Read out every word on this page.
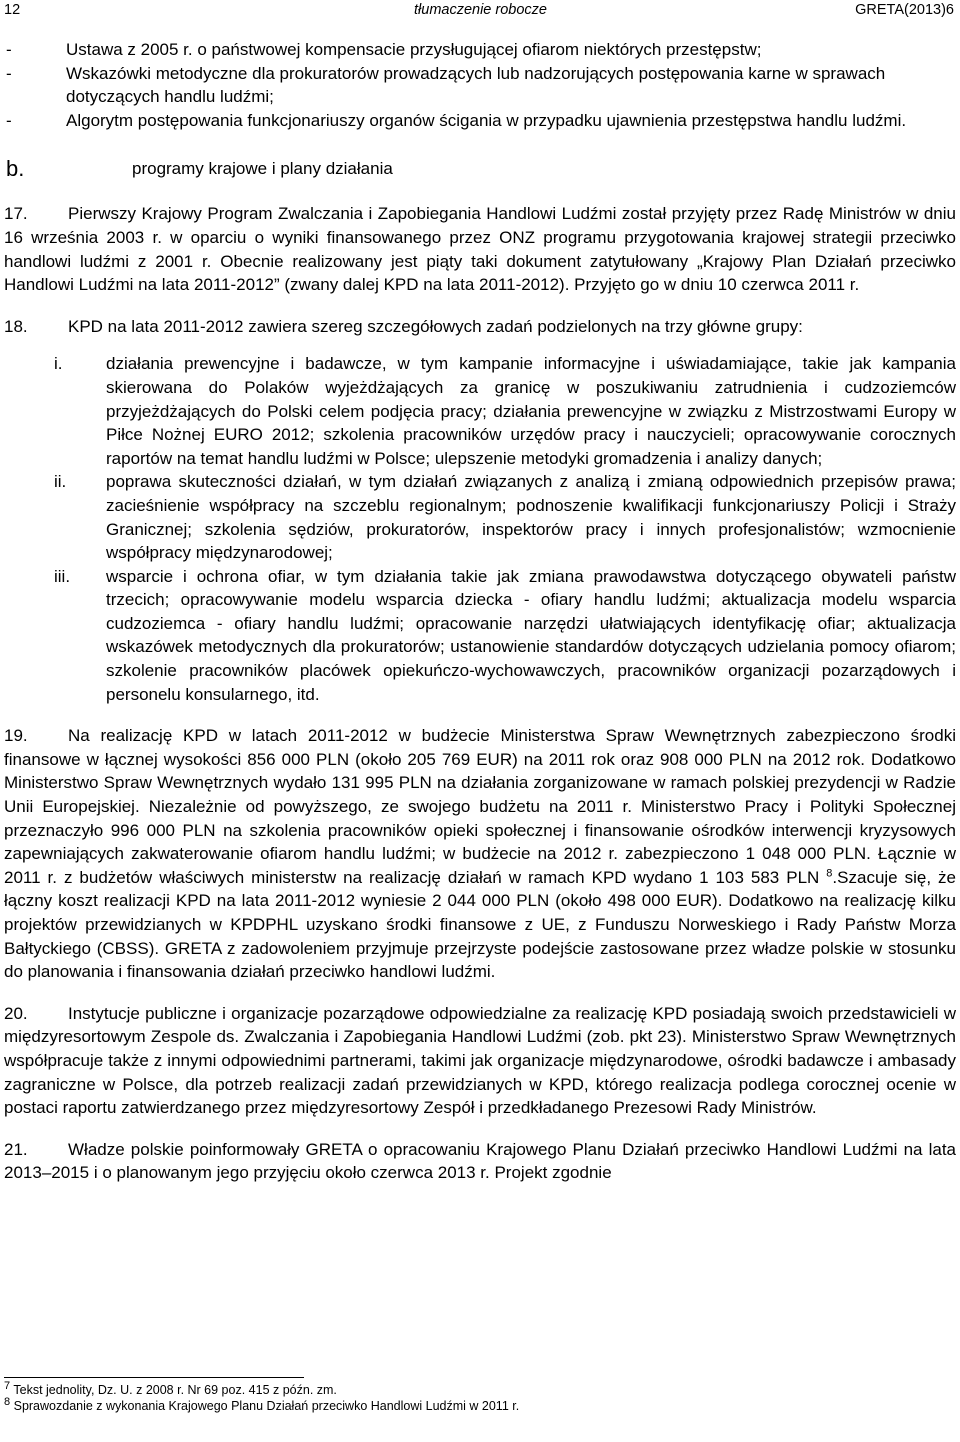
12	tłumaczenie robocze	GRETA(2013)6
-	Ustawa z 2005 r. o państwowej kompensacie przysługującej ofiarom niektórych przestępstw;
-	Wskazówki metodyczne dla prokuratorów prowadzących lub nadzorujących postępowania karne w sprawach dotyczących handlu ludźmi;
-	Algorytm postępowania funkcjonariuszy organów ścigania w przypadku ujawnienia przestępstwa handlu ludźmi.
b.	programy krajowe i plany działania

17. Pierwszy Krajowy Program Zwalczania i Zapobiegania Handlowi Ludźmi został przyjęty przez Radę Ministrów w dniu 16 września 2003 r. w oparciu o wyniki finansowanego przez ONZ programu przygotowania krajowej strategii przeciwko handlowi ludźmi z 2001 r. Obecnie realizowany jest piąty taki dokument zatytułowany „Krajowy Plan Działań przeciwko Handlowi Ludźmi na lata 2011-2012” (zwany dalej KPD na lata 2011-2012). Przyjęto go w dniu 10 czerwca 2011 r.

18. KPD na lata 2011-2012 zawiera szereg szczegółowych zadań podzielonych na trzy główne grupy:

i.	działania prewencyjne i badawcze, w tym kampanie informacyjne i uświadamiające, takie jak kampania skierowana do Polaków wyjeżdżających za granicę w poszukiwaniu zatrudnienia i cudzoziemców przyjeżdżających do Polski celem podjęcia pracy; działania prewencyjne w związku z Mistrzostwami Europy w Piłce Nożnej EURO 2012; szkolenia pracowników urzędów pracy i nauczycieli; opracowywanie corocznych raportów na temat handlu ludźmi w Polsce; ulepszenie metodyki gromadzenia i analizy danych;
ii.	poprawa skuteczności działań, w tym działań związanych z analizą i zmianą odpowiednich przepisów prawa; zacieśnienie współpracy na szczeblu regionalnym; podnoszenie kwalifikacji funkcjonariuszy Policji i Straży Granicznej; szkolenia sędziów, prokuratorów, inspektorów pracy i innych profesjonalistów; wzmocnienie współpracy międzynarodowej;
iii.	wsparcie i ochrona ofiar, w tym działania takie jak zmiana prawodawstwa dotyczącego obywateli państw trzecich; opracowywanie modelu wsparcia dziecka - ofiary handlu ludźmi; aktualizacja modelu wsparcia cudzoziemca - ofiary handlu ludźmi; opracowanie narzędzi ułatwiających identyfikację ofiar; aktualizacja wskazówek metodycznych dla prokuratorów; ustanowienie standardów dotyczących udzielania pomocy ofiarom; szkolenie pracowników placówek opiekuńczo-wychowawczych, pracowników organizacji pozarządowych i personelu konsularnego, itd.

19. Na realizację KPD w latach 2011-2012 w budżecie Ministerstwa Spraw Wewnętrznych zabezpieczono środki finansowe w łącznej wysokości 856 000 PLN (około 205 769 EUR) na 2011 rok oraz 908 000 PLN na 2012 rok. Dodatkowo Ministerstwo Spraw Wewnętrznych wydało 131 995 PLN na działania zorganizowane w ramach polskiej prezydencji w Radzie Unii Europejskiej. Niezależnie od powyższego, ze swojego budżetu na 2011 r. Ministerstwo Pracy i Polityki Społecznej przeznaczyło 996 000 PLN na szkolenia pracowników opieki społecznej i finansowanie ośrodków interwencji kryzysowych zapewniających zakwaterowanie ofiarom handlu ludźmi; w budżecie na 2012 r. zabezpieczono 1 048 000 PLN. Łącznie w 2011 r. z budżetów właściwych ministerstw na realizację działań w ramach KPD wydano 1 103 583 PLN $^8$.Szacuje się, że łączny koszt realizacji KPD na lata 2011-2012 wyniesie 2 044 000 PLN (około 498 000 EUR). Dodatkowo na realizację kilku projektów przewidzianych w KPDPHL uzyskano środki finansowe z UE, z Funduszu Norweskiego i Rady Państw Morza Bałtyckiego (CBSS). GRETA z zadowoleniem przyjmuje przejrzyste podejście zastosowane przez władze polskie w stosunku do planowania i finansowania działań przeciwko handlowi ludźmi.

20. Instytucje publiczne i organizacje pozarządowe odpowiedzialne za realizację KPD posiadają swoich przedstawicieli w międzyresortowym Zespole ds. Zwalczania i Zapobiegania Handlowi Ludźmi (zob. pkt 23). Ministerstwo Spraw Wewnętrznych współpracuje także z innymi odpowiednimi partnerami, takimi jak organizacje międzynarodowe, ośrodki badawcze i ambasady zagraniczne w Polsce, dla potrzeb realizacji zadań przewidzianych w KPD, którego realizacja podlega corocznej ocenie w postaci raportu zatwierdzanego przez międzyresortowy Zespół i przedkładanego Prezesowi Rady Ministrów.

21. Władze polskie poinformowały GRETA o opracowaniu Krajowego Planu Działań przeciwko Handlowi Ludźmi na lata 2013–2015 i o planowanym jego przyjęciu około czerwca 2013 r. Projekt zgodnie

$^7$ Tekst jednolity, Dz. U. z 2008 r. Nr 69 poz. 415 z późn. zm.
$^8$ Sprawozdanie z wykonania Krajowego Planu Działań przeciwko Handlowi Ludźmi w 2011 r.
